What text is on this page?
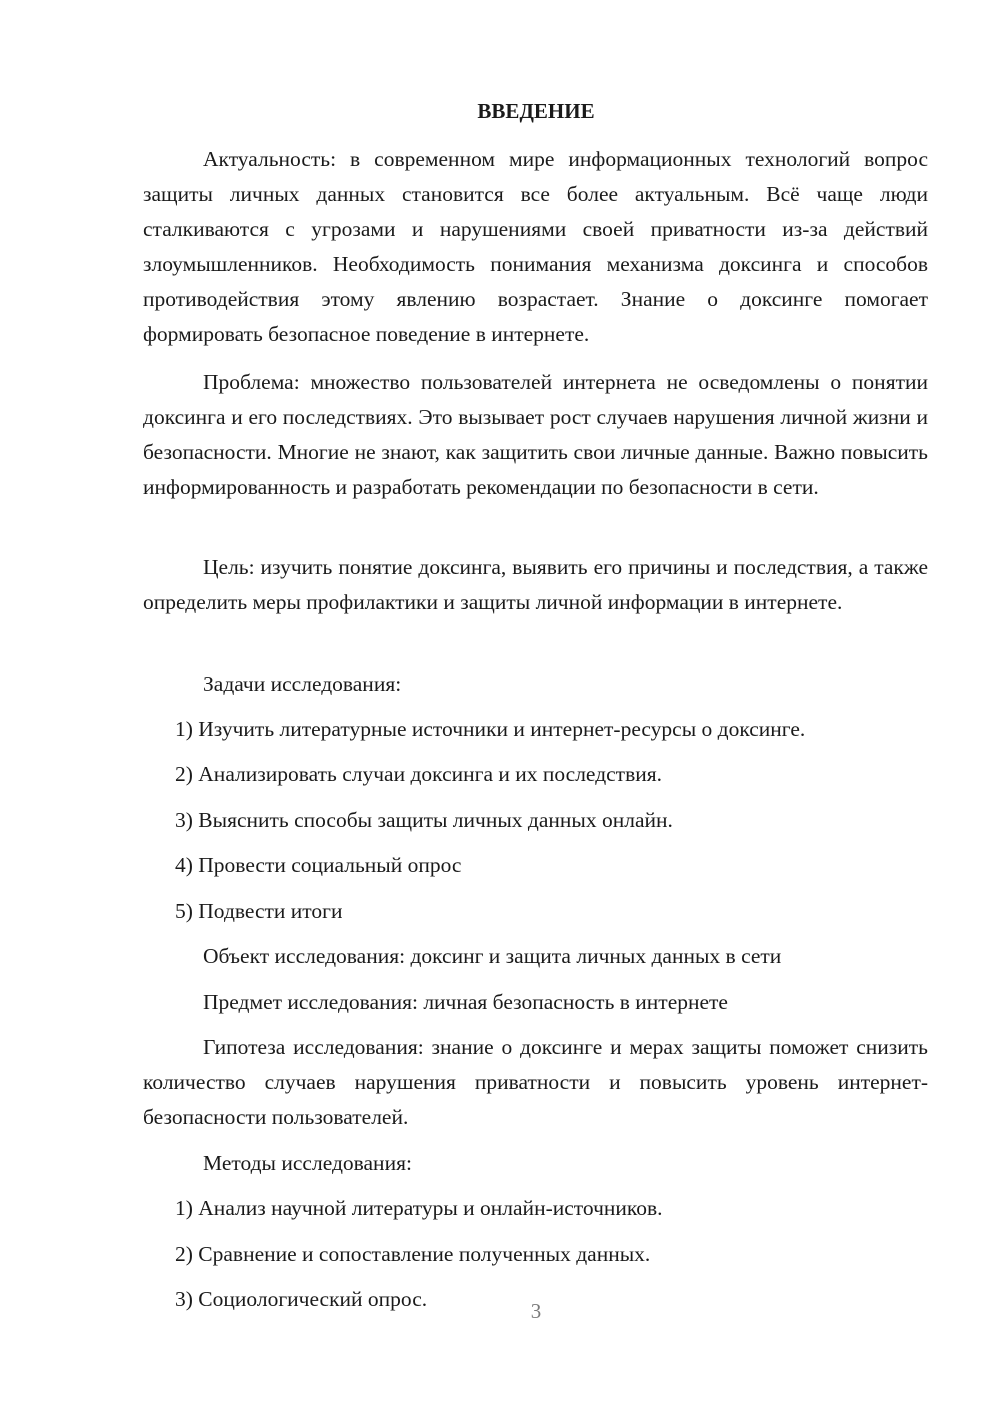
ВВЕДЕНИЕ

Актуальность: в современном мире информационных технологий вопрос защиты личных данных становится все более актуальным. Всё чаще люди сталкиваются с угрозами и нарушениями своей приватности из-за действий злоумышленников. Необходимость понимания механизма доксинга и способов противодействия этому явлению возрастает. Знание о доксинге помогает формировать безопасное поведение в интернете.

Проблема: множество пользователей интернета не осведомлены о понятии доксинга и его последствиях. Это вызывает рост случаев нарушения личной жизни и безопасности. Многие не знают, как защитить свои личные данные. Важно повысить информированность и разработать рекомендации по безопасности в сети.

Цель: изучить понятие доксинга, выявить его причины и последствия, а также определить меры профилактики и защиты личной информации в интернете.

Задачи исследования:

1) Изучить литературные источники и интернет-ресурсы о доксинге.

2) Анализировать случаи доксинга и их последствия.

3) Выяснить способы защиты личных данных онлайн.

4) Провести социальный опрос

5) Подвести итоги

Объект исследования: доксинг и защита личных данных в сети

Предмет исследования: личная безопасность в интернете

Гипотеза исследования: знание о доксинге и мерах защиты поможет снизить количество случаев нарушения приватности и повысить уровень интернет-безопасности пользователей.

Методы исследования:

1) Анализ научной литературы и онлайн-источников.

2) Сравнение и сопоставление полученных данных.

3) Социологический опрос.	3
